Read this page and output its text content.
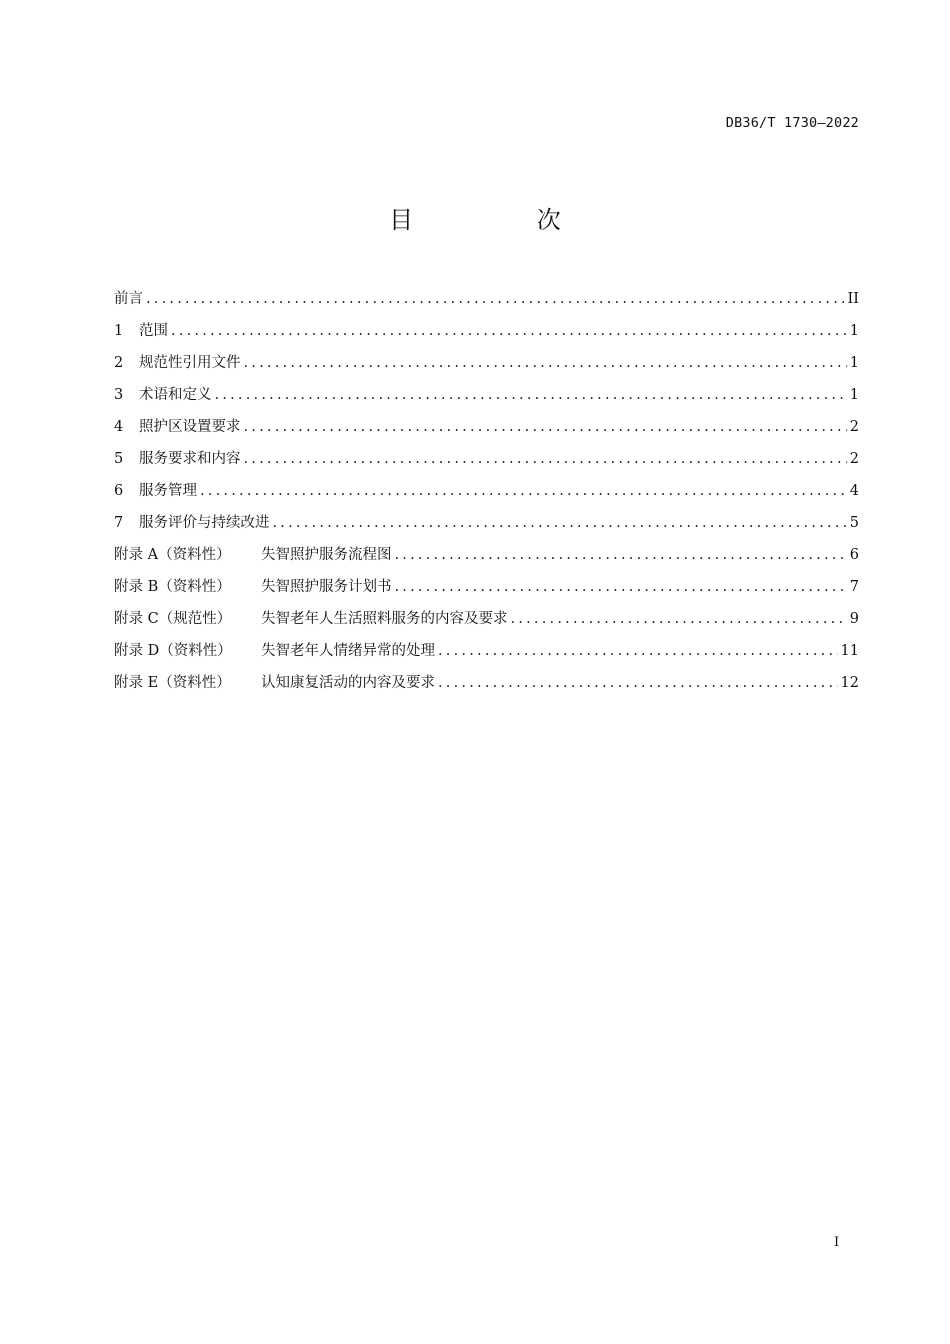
DB36/T 1730—2022
目 次
前言 .....	II
1	范围 .....	1
2	规范性引用文件 .....	1
3	术语和定义 .....	1
4	照护区设置要求 .....	2
5	服务要求和内容 .....	2
6	服务管理 .....	4
7	服务评价与持续改进 .....	5
附录 A（资料性）	失智照护服务流程图 .....	6
附录 B（资料性）	失智照护服务计划书 .....	7
附录 C（规范性）	失智老年人生活照料服务的内容及要求 .....	9
附录 D（资料性）	失智老年人情绪异常的处理 .....	11
附录 E（资料性）	认知康复活动的内容及要求 .....	12
I
